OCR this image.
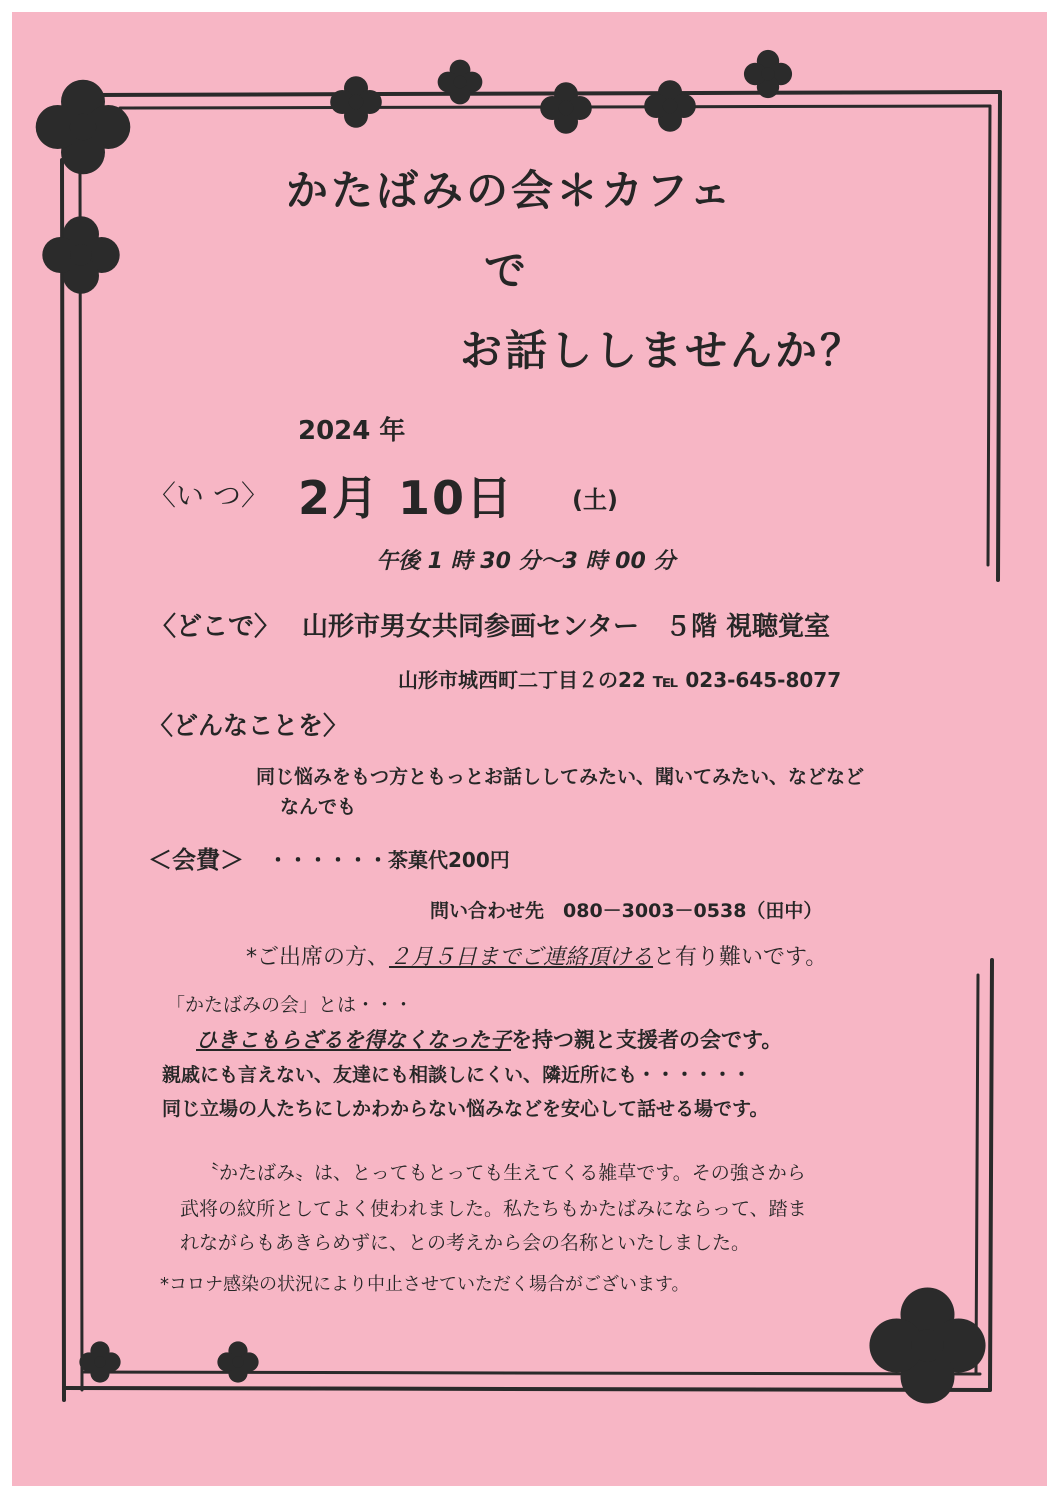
かたばみの会＊カフェ
で
お話ししませんか？
2024 年
〈い つ〉 2月 10日 (土)
午後 1 時 30 分～3 時 00 分
〈どこで〉 山形市男女共同参画センター　５階 視聴覚室
山形市城西町二丁目２の22 ℡ 023-645-8077
〈どんなことを〉
同じ悩みをもつ方ともっとお話ししてみたい、聞いてみたい、などなど
なんでも
＜会費＞ ・・・・・・茶菓代200円
問い合わせ先　080－3003－0538（田中）
*ご出席の方、２月５日までご連絡頂けると有り難いです。
「かたばみの会」とは・・・
ひきこもらざるを得なくなった子を持つ親と支援者の会です。
親戚にも言えない、友達にも相談しにくい、隣近所にも・・・・・・
同じ立場の人たちにしかわからない悩みなどを安心して話せる場です。
〝かたばみ〟は、とってもとっても生えてくる雑草です。その強さから
武将の紋所としてよく使われました。私たちもかたばみにならって、踏ま
れながらもあきらめずに、との考えから会の名称といたしました。
*コロナ感染の状況により中止させていただく場合がございます。
